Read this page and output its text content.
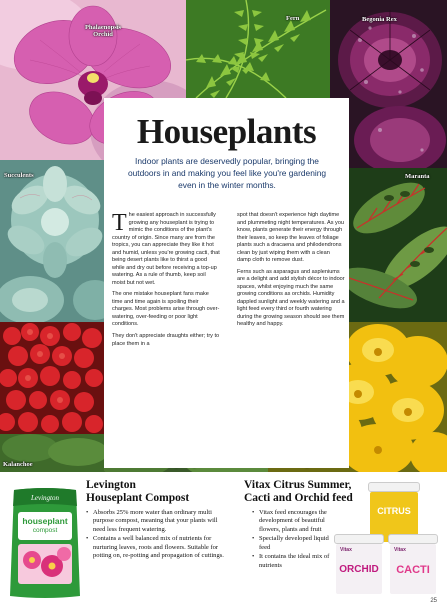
Phalaenopsis Orchid
Fern	Begonia Rex
Succulents	Maranta
Kalanchoe
Houseplants
Indoor plants are deservedly popular, bringing the outdoors in and making you feel like you're gardening even in the winter months.

The easiest approach in successfully growing any houseplant is trying to mimic the conditions of the plant's country of origin. Since many are from the tropics, you can appreciate they like it hot and humid, unless you're growing cacti, that being desert plants like to thirst a good while and dry out before receiving a top-up watering. As a rule of thumb, keep soil moist but not wet.

The one mistake houseplant fans make time and time again is spoiling their charges. Most problems arise through over-watering, over-feeding or poor light conditions.

They don't appreciate draughts either; try to place them in a

spot that doesn't experience high daytime and plummeting night temperatures. As you know, plants generate their energy through their leaves, so keep the leaves of foliage plants such a dracaena and philodendrons clean by just wiping them with a clean damp cloth to remove dust.

Ferns such as asparagus and aspleniums are a delight and add stylish décor to indoor spaces, whilst enjoying much the same growing conditions as orchids. Humidity dappled sunlight and weekly watering and a light feed every third or fourth watering during the growing season should see them healthy and happy.

Levington
houseplant
compost
Levington
Houseplant Compost
• Absorbs 25% more water than ordinary multi purpose compost, meaning that your plants will need less frequent watering.
• Contains a well balanced mix of nutrients for nurturing leaves, roots and flowers. Suitable for potting on, re-potting and propagation of cuttings.
Vitax Citrus Summer,
Cacti and Orchid feed
• Vitax feed encourages the development of beautiful flowers, plants and fruit
• Specially developed liquid feed
• It contains the ideal mix of nutrients
CITRUS
Vitax
ORCHID
Vitax
CACTI
25
